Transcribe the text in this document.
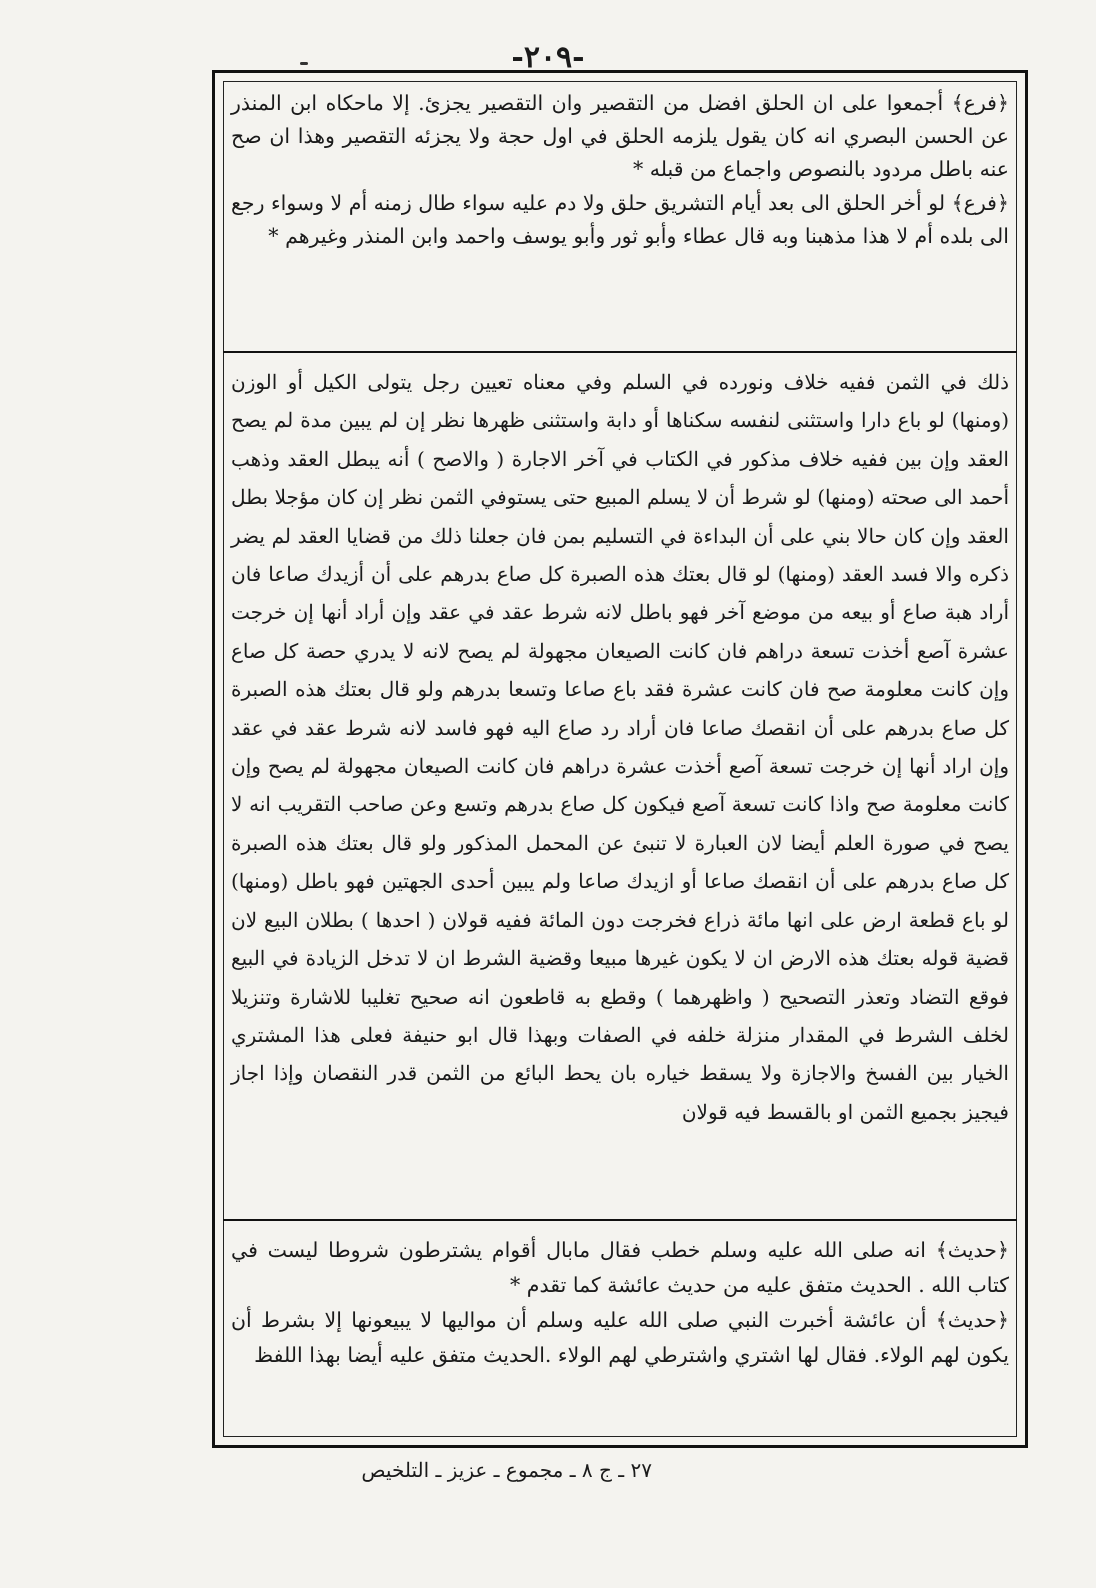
-٢٠٩-

﴿فرع﴾ أجمعوا على ان الحلق افضل من التقصير وان التقصير يجزئ. إلا ماحكاه ابن المنذر عن الحسن البصري انه كان يقول يلزمه الحلق في اول حجة ولا يجزئه التقصير وهذا ان صح عنه باطل مردود بالنصوص واجماع من قبله *

﴿فرع﴾ لو أخر الحلق الى بعد أيام التشريق حلق ولا دم عليه سواء طال زمنه أم لا وسواء رجع الى بلده أم لا هذا مذهبنا وبه قال عطاء وأبو ثور وأبو يوسف واحمد وابن المنذر وغيرهم *

ذلك في الثمن ففيه خلاف ونورده في السلم وفي معناه تعيين رجل يتولى الكيل أو الوزن (ومنها) لو باع دارا واستثنى لنفسه سكناها أو دابة واستثنى ظهرها نظر إن لم يبين مدة لم يصح العقد وإن بين ففيه خلاف مذكور في الكتاب في آخر الاجارة ( والاصح ) أنه يبطل العقد وذهب أحمد الى صحته (ومنها) لو شرط أن لا يسلم المبيع حتى يستوفي الثمن نظر إن كان مؤجلا بطل العقد وإن كان حالا بني على أن البداءة في التسليم بمن فان جعلنا ذلك من قضايا العقد لم يضر ذكره والا فسد العقد (ومنها) لو قال بعتك هذه الصبرة كل صاع بدرهم على أن أزيدك صاعا فان أراد هبة صاع أو بيعه من موضع آخر فهو باطل لانه شرط عقد في عقد وإن أراد أنها إن خرجت عشرة آصع أخذت تسعة دراهم فان كانت الصيعان مجهولة لم يصح لانه لا يدري حصة كل صاع وإن كانت معلومة صح فان كانت عشرة فقد باع صاعا وتسعا بدرهم ولو قال بعتك هذه الصبرة كل صاع بدرهم على أن انقصك صاعا فان أراد رد صاع اليه فهو فاسد لانه شرط عقد في عقد وإن اراد أنها إن خرجت تسعة آصع أخذت عشرة دراهم فان كانت الصيعان مجهولة لم يصح وإن كانت معلومة صح واذا كانت تسعة آصع فيكون كل صاع بدرهم وتسع وعن صاحب التقريب انه لا يصح في صورة العلم أيضا لان العبارة لا تنبئ عن المحمل المذكور ولو قال بعتك هذه الصبرة كل صاع بدرهم على أن انقصك صاعا أو ازيدك صاعا ولم يبين أحدى الجهتين فهو باطل (ومنها) لو باع قطعة ارض على انها مائة ذراع فخرجت دون المائة ففيه قولان ( احدها ) بطلان البيع لان قضية قوله بعتك هذه الارض ان لا يكون غيرها مبيعا وقضية الشرط ان لا تدخل الزيادة في البيع فوقع التضاد وتعذر التصحيح ( واظهرهما ) وقطع به قاطعون انه صحيح تغليبا للاشارة وتنزيلا لخلف الشرط في المقدار منزلة خلفه في الصفات وبهذا قال ابو حنيفة فعلى هذا المشتري الخيار بين الفسخ والاجازة ولا يسقط خياره بان يحط البائع من الثمن قدر النقصان وإذا اجاز فيجيز بجميع الثمن او بالقسط فيه قولان

﴿حديث﴾ انه صلى الله عليه وسلم خطب فقال مابال أقوام يشترطون شروطا ليست في كتاب الله . الحديث متفق عليه من حديث عائشة كما تقدم *

﴿حديث﴾ أن عائشة أخبرت النبي صلى الله عليه وسلم أن مواليها لا يبيعونها إلا بشرط أن يكون لهم الولاء. فقال لها اشتري واشترطي لهم الولاء .الحديث متفق عليه أيضا بهذا اللفظ

٢٧ ـ ج ٨ ـ مجموع ـ عزيز ـ التلخيص
